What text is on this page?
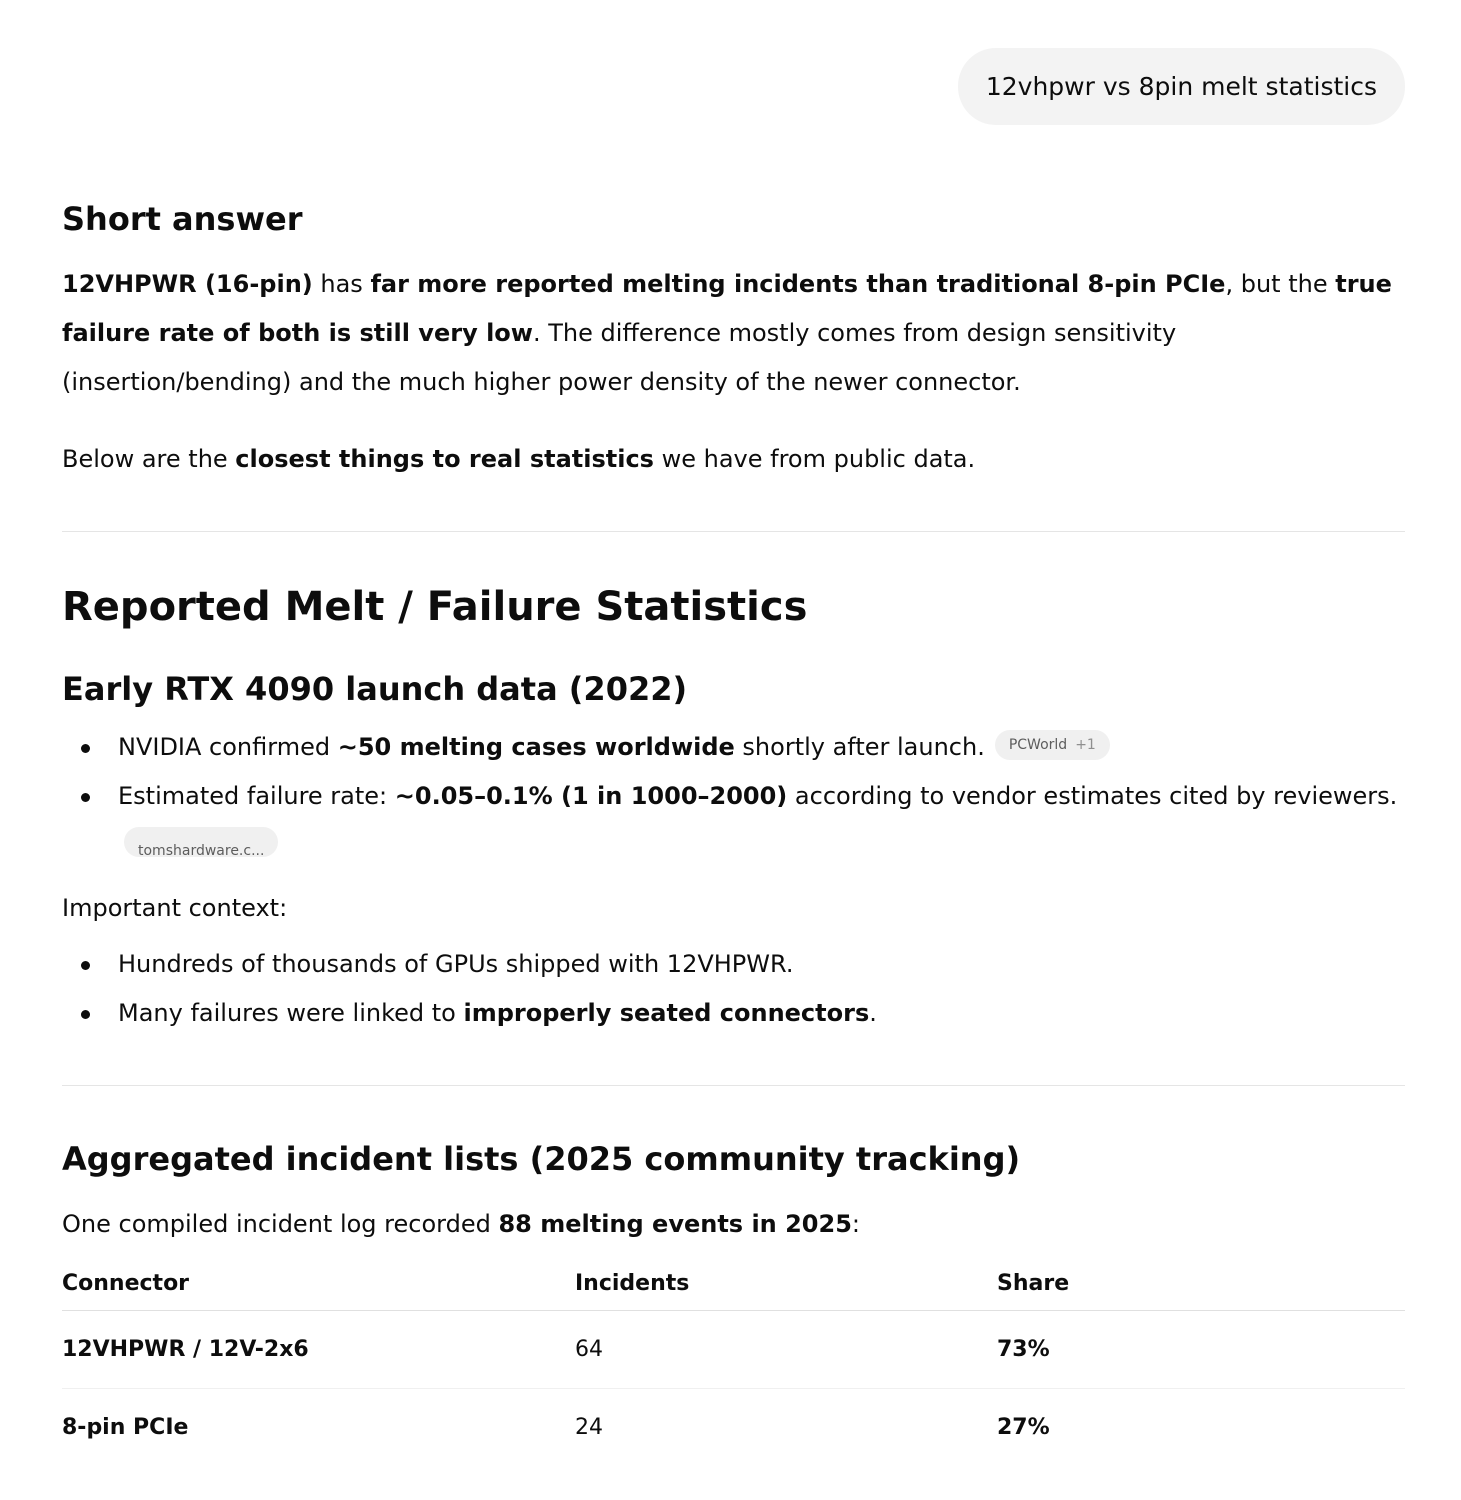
12vhpwr vs 8pin melt statistics
Short answer

12VHPWR (16-pin) has far more reported melting incidents than traditional 8-pin PCIe, but the true failure rate of both is still very low. The difference mostly comes from design sensitivity (insertion/bending) and the much higher power density of the newer connector.

Below are the closest things to real statistics we have from public data.

Reported Melt / Failure Statistics
Early RTX 4090 launch data (2022)
NVIDIA confirmed ~50 melting cases worldwide shortly after launch. PCWorld +1
Estimated failure rate: ~0.05–0.1% (1 in 1000–2000) according to vendor estimates cited by reviewers.
tomshardware.c...

Important context:

Hundreds of thousands of GPUs shipped with 12VHPWR.
Many failures were linked to improperly seated connectors.
Aggregated incident lists (2025 community tracking)

One compiled incident log recorded 88 melting events in 2025:

Connector	Incidents	Share
12VHPWR / 12V-2x6	64	73%
8-pin PCIe	24	27%
